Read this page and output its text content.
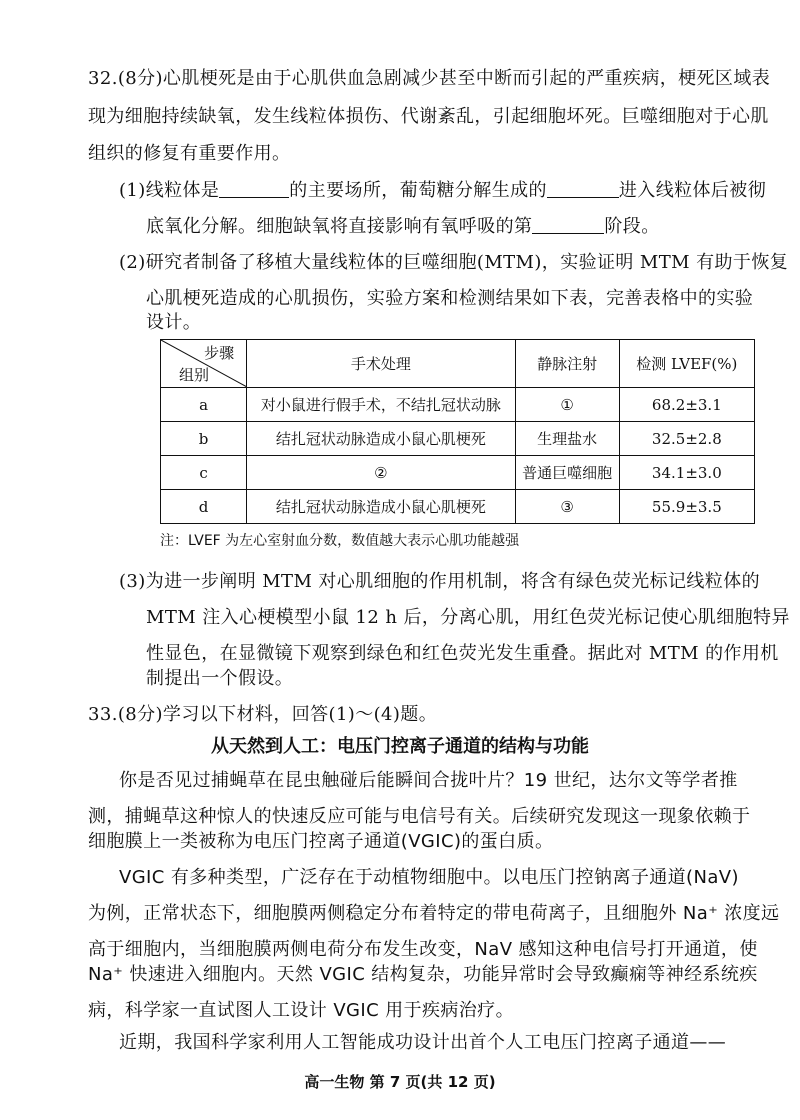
32.(8分)心肌梗死是由于心肌供血急剧减少甚至中断而引起的严重疾病，梗死区域表
现为细胞持续缺氧，发生线粒体损伤、代谢紊乱，引起细胞坏死。巨噬细胞对于心肌
组织的修复有重要作用。
(1)线粒体是	的主要场所，葡萄糖分解生成的	进入线粒体后被彻
底氧化分解。细胞缺氧将直接影响有氧呼吸的第	阶段。
(2)研究者制备了移植大量线粒体的巨噬细胞(MTM)，实验证明 MTM 有助于恢复
心肌梗死造成的心肌损伤，实验方案和检测结果如下表，完善表格中的实验
设计。
步骤
组别	手术处理	静脉注射	检测 LVEF(%)
a	对小鼠进行假手术，不结扎冠状动脉	①	68.2±3.1
b	结扎冠状动脉造成小鼠心肌梗死	生理盐水	32.5±2.8
c	②	普通巨噬细胞	34.1±3.0
d	结扎冠状动脉造成小鼠心肌梗死	③	55.9±3.5
注：LVEF 为左心室射血分数，数值越大表示心肌功能越强
(3)为进一步阐明 MTM 对心肌细胞的作用机制，将含有绿色荧光标记线粒体的
MTM 注入心梗模型小鼠 12 h 后，分离心肌，用红色荧光标记使心肌细胞特异
性显色，在显微镜下观察到绿色和红色荧光发生重叠。据此对 MTM 的作用机
制提出一个假设。
33.(8分)学习以下材料，回答(1)～(4)题。
从天然到人工：电压门控离子通道的结构与功能
你是否见过捕蝇草在昆虫触碰后能瞬间合拢叶片？19 世纪，达尔文等学者推
测，捕蝇草这种惊人的快速反应可能与电信号有关。后续研究发现这一现象依赖于
细胞膜上一类被称为电压门控离子通道(VGIC)的蛋白质。
VGIC 有多种类型，广泛存在于动植物细胞中。以电压门控钠离子通道(NaV)
为例，正常状态下，细胞膜两侧稳定分布着特定的带电荷离子，且细胞外 Na⁺ 浓度远
高于细胞内，当细胞膜两侧电荷分布发生改变，NaV 感知这种电信号打开通道，使
Na⁺ 快速进入细胞内。天然 VGIC 结构复杂，功能异常时会导致癫痫等神经系统疾
病，科学家一直试图人工设计 VGIC 用于疾病治疗。
近期，我国科学家利用人工智能成功设计出首个人工电压门控离子通道——
高一生物 第 7 页(共 12 页)
